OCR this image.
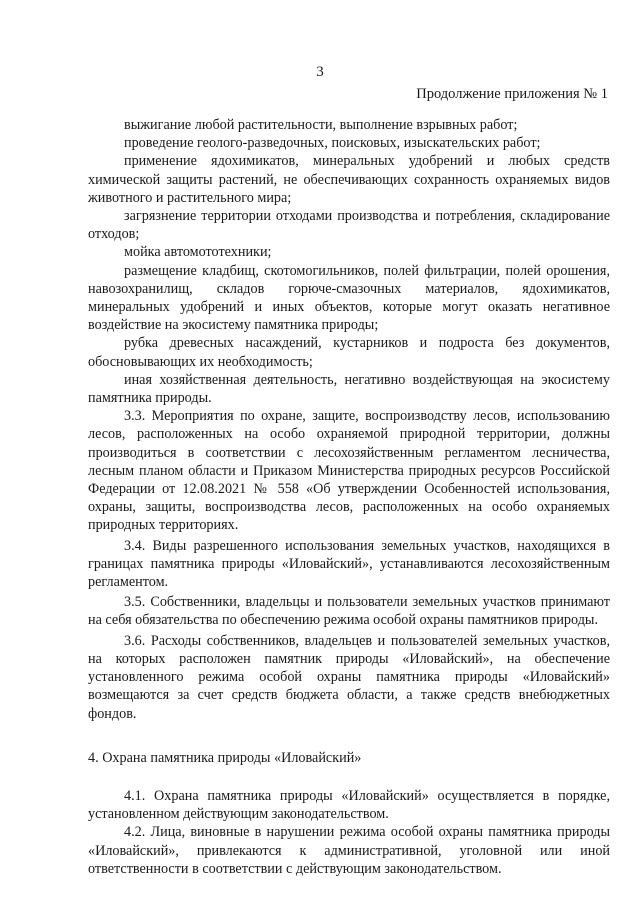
3
Продолжение приложения № 1

выжигание любой растительности, выполнение взрывных работ;

проведение геолого-разведочных, поисковых, изыскательских работ;

применение ядохимикатов, минеральных удобрений и любых средств химической защиты растений, не обеспечивающих сохранность охраняемых видов животного и растительного мира;

загрязнение территории отходами производства и потребления, складирование отходов;

мойка автомототехники;

размещение кладбищ, скотомогильников, полей фильтрации, полей орошения, навозохранилищ, складов горюче-смазочных материалов, ядохимикатов, минеральных удобрений и иных объектов, которые могут оказать негативное воздействие на экосистему памятника природы;

рубка древесных насаждений, кустарников и подроста без документов, обосновывающих их необходимость;

иная хозяйственная деятельность, негативно воздействующая на экосистему памятника природы.

3.3. Мероприятия по охране, защите, воспроизводству лесов, использованию лесов, расположенных на особо охраняемой природной территории, должны производиться в соответствии с лесохозяйственным регламентом лесничества, лесным планом области и Приказом Министерства природных ресурсов Российской Федерации от 12.08.2021 № 558 «Об утверждении Особенностей использования, охраны, защиты, воспроизводства лесов, расположенных на особо охраняемых природных территориях.

3.4. Виды разрешенного использования земельных участков, находящихся в границах памятника природы «Иловайский», устанавливаются лесохозяйственным регламентом.

3.5. Собственники, владельцы и пользователи земельных участков принимают на себя обязательства по обеспечению режима особой охраны памятников природы.

3.6. Расходы собственников, владельцев и пользователей земельных участков, на которых расположен памятник природы «Иловайский», на обеспечение установленного режима особой охраны памятника природы «Иловайский» возмещаются за счет средств бюджета области, а также средств внебюджетных фондов.

4. Охрана памятника природы «Иловайский»

4.1. Охрана памятника природы «Иловайский» осуществляется в порядке, установленном действующим законодательством.

4.2. Лица, виновные в нарушении режима особой охраны памятника природы «Иловайский», привлекаются к административной, уголовной или иной ответственности в соответствии с действующим законодательством.
